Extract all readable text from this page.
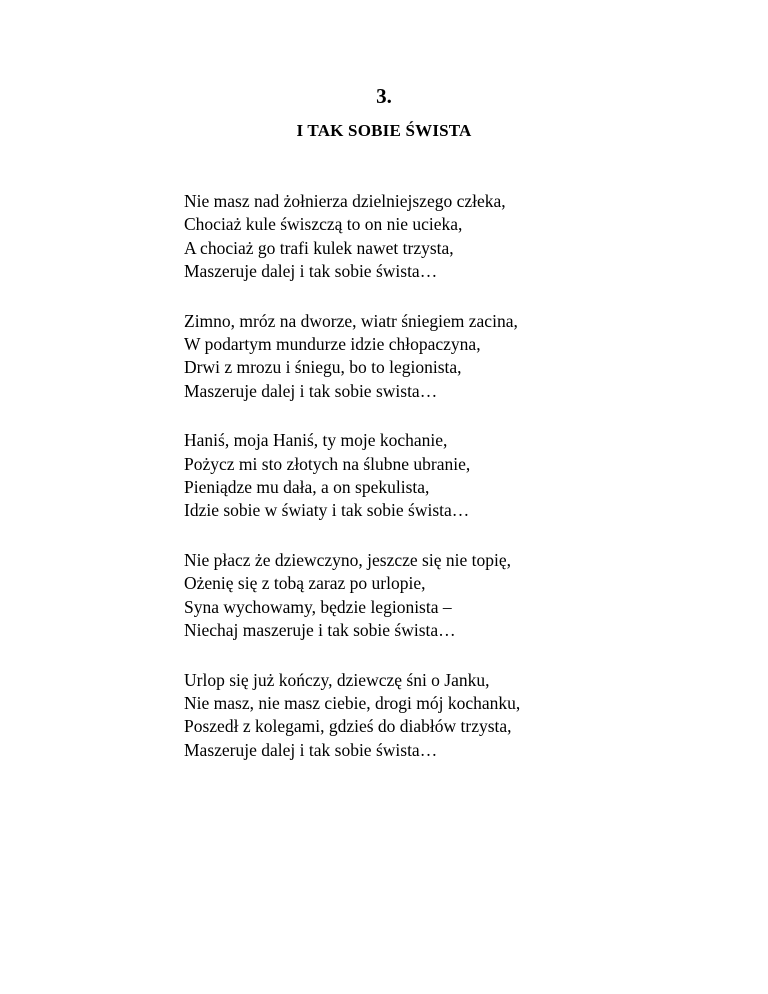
3.
I TAK SOBIE ŚWISTA
Nie masz nad żołnierza dzielniejszego człeka,
Chociaż kule świszczą to on nie ucieka,
A chociaż go trafi kulek nawet trzysta,
Maszeruje dalej i tak sobie śwista…
Zimno, mróz na dworze, wiatr śniegiem zacina,
W podartym mundurze idzie chłopaczyna,
Drwi z mrozu i śniegu, bo to legionista,
Maszeruje dalej i tak sobie swista…
Haniś, moja Haniś, ty moje kochanie,
Pożycz mi sto złotych na ślubne ubranie,
Pieniądze mu dała, a on spekulista,
Idzie sobie w światy i tak sobie śwista…
Nie płacz że dziewczyno, jeszcze się nie topię,
Ożenię się z tobą zaraz po urlopie,
Syna wychowamy, będzie legionista –
Niechaj maszeruje i tak sobie śwista…
Urlop się już kończy, dziewczę śni o Janku,
Nie masz, nie masz ciebie, drogi mój kochanku,
Poszedł z kolegami, gdzieś do diabłów trzysta,
Maszeruje dalej i tak sobie śwista…
